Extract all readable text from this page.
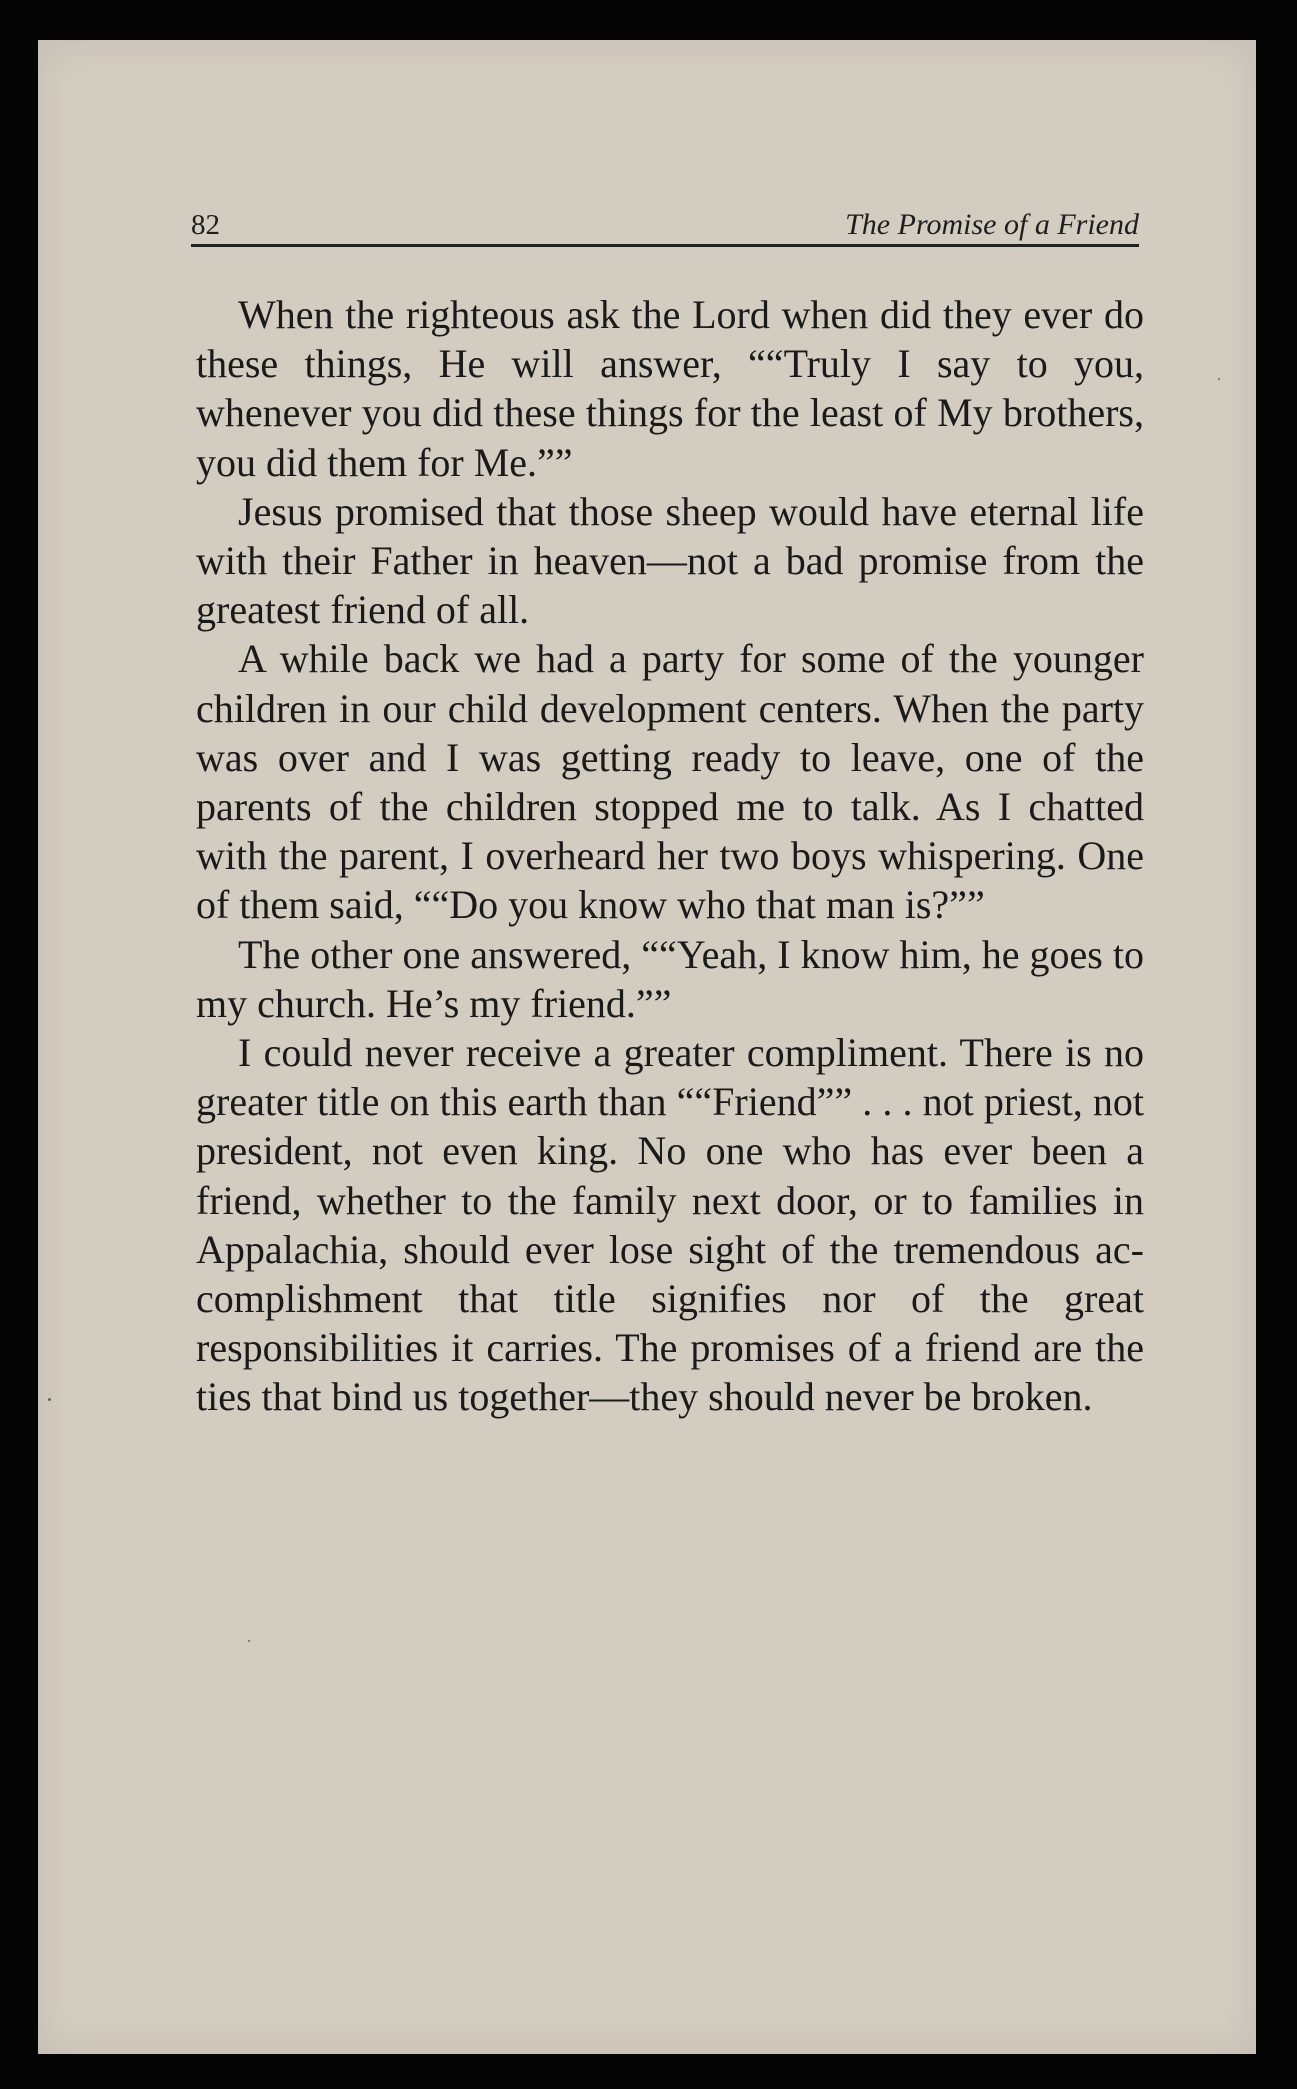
82	The Promise of a Friend

When the righteous ask the Lord when did they ever do these things, He will answer, ““Truly I say to you, whenever you did these things for the least of My brothers, you did them for Me.””

Jesus promised that those sheep would have eternal life with their Father in heaven—not a bad promise from the greatest friend of all.

A while back we had a party for some of the younger children in our child development centers. When the party was over and I was getting ready to leave, one of the parents of the children stopped me to talk. As I chatted with the parent, I overheard her two boys whispering. One of them said, ““Do you know who that man is?””

The other one answered, ““Yeah, I know him, he goes to my church. He’s my friend.””

I could never receive a greater compliment. There is no greater title on this earth than ““Friend”” . . . not priest, not president, not even king. No one who has ever been a friend, whether to the family next door, or to families in Appalachia, should ever lose sight of the tremendous accomplishment that title signifies nor of the great responsibilities it carries. The promises of a friend are the ties that bind us together—they should never be broken.
